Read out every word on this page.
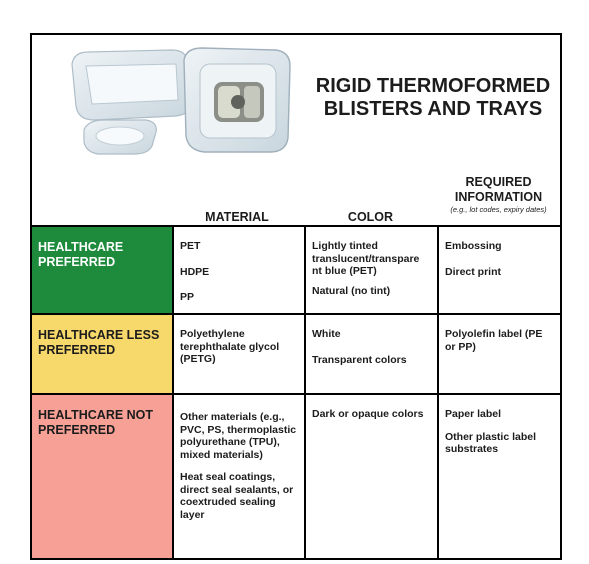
RIGID THERMOFORMED BLISTERS AND TRAYS
MATERIAL	COLOR
REQUIRED INFORMATION
(e.g., lot codes, expiry dates)
HEALTHCARE PREFERRED
PET
HDPE
PP
Lightly tinted translucent/transpare nt blue (PET)
Natural (no tint)
Embossing
Direct print
HEALTHCARE LESS PREFERRED
Polyethylene terephthalate glycol (PETG)
White
Transparent colors
Polyolefin label (PE or PP)
HEALTHCARE NOT PREFERRED
Other materials (e.g., PVC, PS, thermoplastic polyurethane (TPU), mixed materials)
Heat seal coatings, direct seal sealants, or coextruded sealing layer
Dark or opaque colors	Paper label
Other plastic label substrates
